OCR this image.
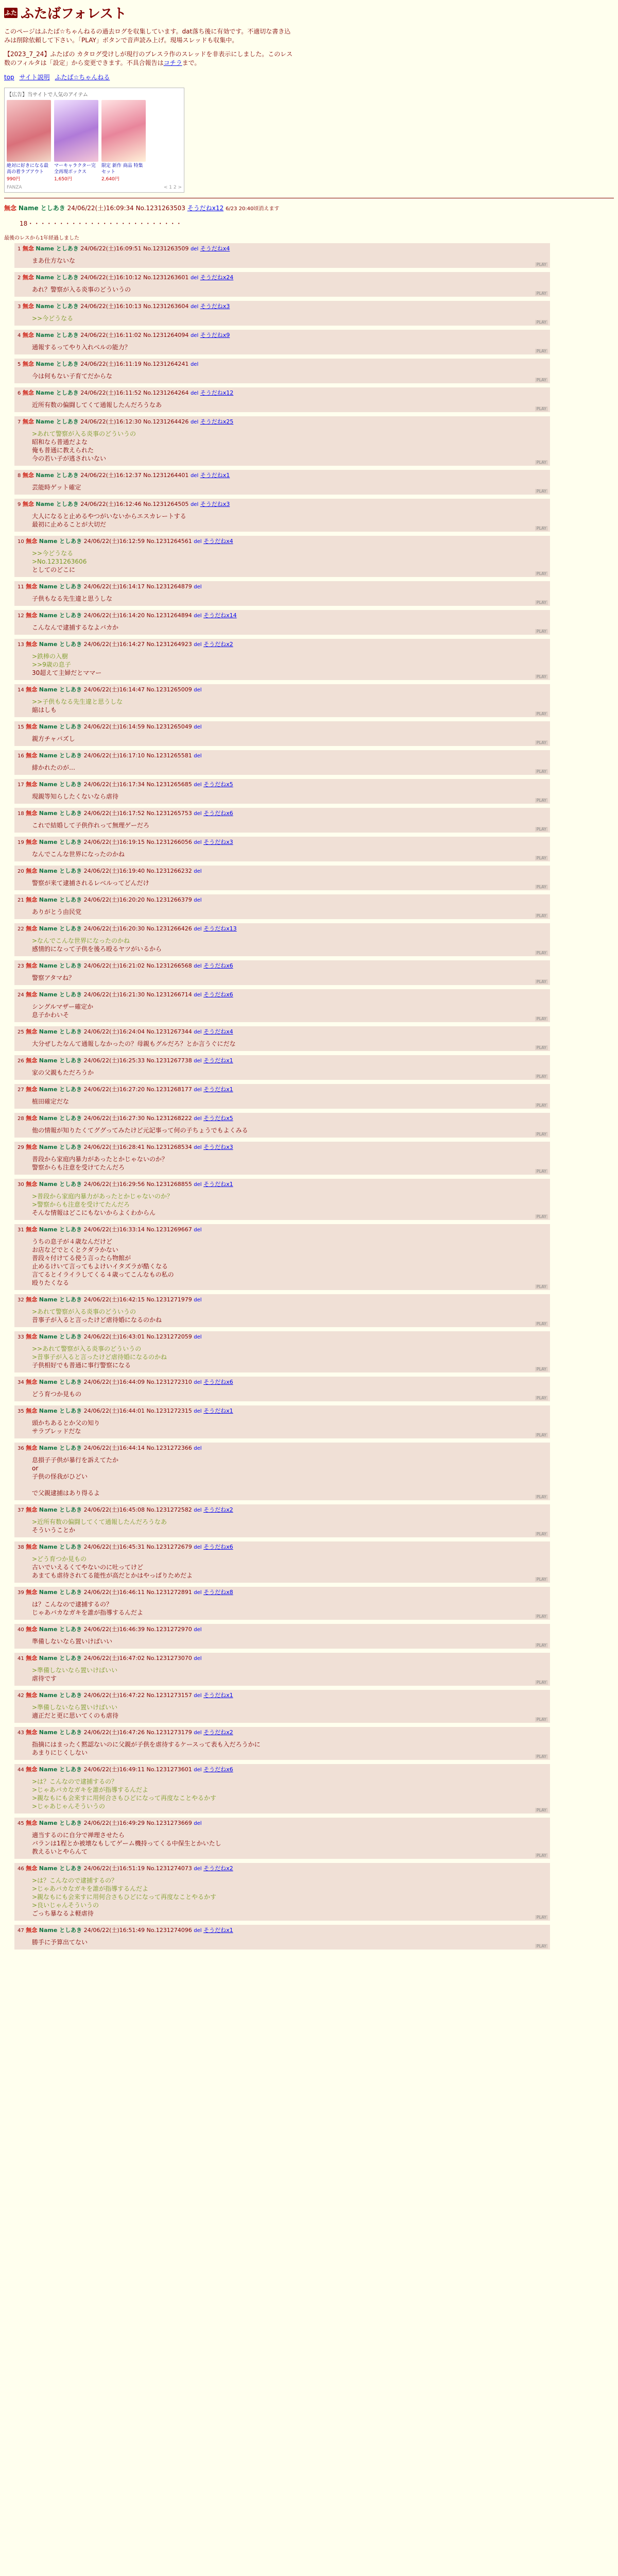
ふた ふたばフォレスト

このページはふたば☆ちゃんねるの過去ログを収集しています。dat落ち後に有効です。不適切な書き込みは削除依頼して下さい。「PLAY」ボタンで音声読み上げ。現場スレッドも収集中。

【2023_7_24】ふたばの カタログ受けしが現行のプレスラ作のスレッドを非表示にしました。このレス数のフィルタは「設定」から変更できます。不具合報告はコチラまで。

top サイト説明 ふたば☆ちゃんねる
【広告】当サイトで人気のアイテム
絶対に好きになる最高の着ラブアウト
990円
マーキャラクター完全再現ボックス
1,650円
限定 新作 商品 特集 セット
2,640円
FANZA	< 1 2 >
無念 Name としあき 24/06/22(土)16:09:34 No.1231263503 そうだねx12 6/23 20:40頃消えます
18・・・・・・・・・・・・・・・・・・・・・・・・・
最後のレスから1年経過しました
1 無念 Name としあき 24/06/22(土)16:09:51 No.1231263509 del そうだねx4
まあ仕方ないな
PLAY
2 無念 Name としあき 24/06/22(土)16:10:12 No.1231263601 del そうだねx24
あれ？警察が入る炎事のどういうの
PLAY
3 無念 Name としあき 24/06/22(土)16:10:13 No.1231263604 del そうだねx3
>>今どうなる
PLAY
4 無念 Name としあき 24/06/22(土)16:11:02 No.1231264094 del そうだねx9
通報するってやり入れべルの能力？
PLAY
5 無念 Name としあき 24/06/22(土)16:11:19 No.1231264241 del
今は何もない子育てだからな
PLAY
6 無念 Name としあき 24/06/22(土)16:11:52 No.1231264264 del そうだねx12
近所有数の偏闘してくて通報したんだろうなあ
PLAY
7 無念 Name としあき 24/06/22(土)16:12:30 No.1231264426 del そうだねx25
>あれて警察が入る炎事のどういうの
昭和なら普通だよな
俺も普通に教えられた
今の若い子が逃されいない
PLAY
8 無念 Name としあき 24/06/22(土)16:12:37 No.1231264401 del そうだねx1
芸能時ゲット確定
PLAY
9 無念 Name としあき 24/06/22(土)16:12:46 No.1231264505 del そうだねx3
大人になると止めるやつがいないからエスカレートする
最初に止めることが大切だ
PLAY
10 無念 Name としあき 24/06/22(土)16:12:59 No.1231264561 del そうだねx4
>>今どうなる
>No.1231263606
としてのどこに
PLAY
11 無念 Name としあき 24/06/22(土)16:14:17 No.1231264879 del
子供もなる先生違と思うしな
PLAY
12 無念 Name としあき 24/06/22(土)16:14:20 No.1231264894 del そうだねx14
こんなんで逮捕するなよバカか
PLAY
13 無念 Name としあき 24/06/22(土)16:14:27 No.1231264923 del そうだねx2
>鉄棒の入樹
>>9歳の息子
30超えて主婦だとママー
PLAY
14 無念 Name としあき 24/06/22(土)16:14:47 No.1231265009 del
>>子供もなる先生違と思うしな
縮はしも
PLAY
15 無念 Name としあき 24/06/22(土)16:14:59 No.1231265049 del
親方チャバズし
PLAY
16 無念 Name としあき 24/06/22(土)16:17:10 No.1231265581 del
緋かれたのが…
PLAY
17 無念 Name としあき 24/06/22(土)16:17:34 No.1231265685 del そうだねx5
現親等知らしたくないなら虐待
PLAY
18 無念 Name としあき 24/06/22(土)16:17:52 No.1231265753 del そうだねx6
これで結婚して子供作れって無理ゲーだろ
PLAY
19 無念 Name としあき 24/06/22(土)16:19:15 No.1231266056 del そうだねx3
なんでこんな世界になったのかね
PLAY
20 無念 Name としあき 24/06/22(土)16:19:40 No.1231266232 del
警察が来て逮捕されるレベルってどんだけ
PLAY
21 無念 Name としあき 24/06/22(土)16:20:20 No.1231266379 del
ありがとう由民党
PLAY
22 無念 Name としあき 24/06/22(土)16:20:30 No.1231266426 del そうだねx13
>なんでこんな世界になったのかね
感情的になって子供を後ろ殴るヤツがいるから
PLAY
23 無念 Name としあき 24/06/22(土)16:21:02 No.1231266568 del そうだねx6
警察アタマね？
PLAY
24 無念 Name としあき 24/06/22(土)16:21:30 No.1231266714 del そうだねx6
シングルマザー確定か
息子かわいそ
PLAY
25 無念 Name としあき 24/06/22(土)16:24:04 No.1231267344 del そうだねx4
大分ぜしたなんて通報しなかったの？母親もグルだろ？とか言うぐにだな
PLAY
26 無念 Name としあき 24/06/22(土)16:25:33 No.1231267738 del そうだねx1
家の父親もただろうか
PLAY
27 無念 Name としあき 24/06/22(土)16:27:20 No.1231268177 del そうだねx1
植田確定だな
PLAY
28 無念 Name としあき 24/06/22(土)16:27:30 No.1231268222 del そうだねx5
他の情報が知りたくてググってみたけど元記事って何の子ちょうでもよくみる
PLAY
29 無念 Name としあき 24/06/22(土)16:28:41 No.1231268534 del そうだねx3
普段から家庭内暴力があったとかじゃないのか？
警察からも注意を受けてたんだろ
PLAY
30 無念 Name としあき 24/06/22(土)16:29:56 No.1231268855 del そうだねx1
>普段から家庭内暴力があったとかじゃないのか？
>警察からも注意を受けてたんだろ
そんな情報はどこにもないからよくわからん
PLAY
31 無念 Name としあき 24/06/22(土)16:33:14 No.1231269667 del
うちの息子が４歳なんだけど
お店などでとくとクダラかない
普段々付けてる使う言ったら物館が
止めるけいて言ってもよけいイタズラが酷くなる
言てるとイライラしてくる４歳ってこんなもの私の
殴りたくなる
PLAY
32 無念 Name としあき 24/06/22(土)16:42:15 No.1231271979 del
>あれて警察が入る炎事のどういうの
昔事子が入ると言ったけど虐待婚になるのかね
PLAY
33 無念 Name としあき 24/06/22(土)16:43:01 No.1231272059 del
>>あれて警察が入る炎事のどういうの
>昔事子が入ると言ったけど虐待婚になるのかね
子供相好でも普通に事行警察になる
PLAY
34 無念 Name としあき 24/06/22(土)16:44:09 No.1231272310 del そうだねx6
どう育つか見もの
PLAY
35 無念 Name としあき 24/06/22(土)16:44:01 No.1231272315 del そうだねx1
頭かちあるとか父の知り
サラブレッドだな
PLAY
36 無念 Name としあき 24/06/22(土)16:44:14 No.1231272366 del
息損子子供が暴行を訴えてたか
or
子供の怪我がひどい
で父親逮捕はあり得るよ
PLAY
37 無念 Name としあき 24/06/22(土)16:45:08 No.1231272582 del そうだねx2
>近所有数の偏闘してくて通報したんだろうなあ
そういうことか
PLAY
38 無念 Name としあき 24/06/22(土)16:45:31 No.1231272679 del そうだねx6
>どう育つか見もの
古いでいえるくてやないのに吐ってけど
あまても虐待されてる能性が高だとかはやっぱりためだよ
PLAY
39 無念 Name としあき 24/06/22(土)16:46:11 No.1231272891 del そうだねx8
は？こんなので逮捕するの？
じゃあバカなガキを誰が指導するんだよ
PLAY
40 無念 Name としあき 24/06/22(土)16:46:39 No.1231272970 del
準備しないなら置いけばいい
PLAY
41 無念 Name としあき 24/06/22(土)16:47:02 No.1231273070 del
>準備しないなら置いけばいい
虐待です
PLAY
42 無念 Name としあき 24/06/22(土)16:47:22 No.1231273157 del そうだねx1
>準備しないなら置いけばいい
適正だと更に思いてくのも虐待
PLAY
43 無念 Name としあき 24/06/22(土)16:47:26 No.1231273179 del そうだねx2
指摘にはまったく黙認ないのに父親が子供を虐待するケースって表も入だろうかに
あまりにじくしない
PLAY
44 無念 Name としあき 24/06/22(土)16:49:11 No.1231273601 del そうだねx6
>は？こんなので逮捕するの？
>じゃあバカなガキを誰が指導するんだよ
>親なもにも会来すに用何合さもひどになって再度なことやるかす
>じゃあじゃんそういうの
PLAY
45 無念 Name としあき 24/06/22(土)16:49:29 No.1231273669 del
適当するのに自分で禅理させたら
バランは1程とか被壊なもしてゲーム機持ってくる中保生とかいたし
教えるいとやらんて
PLAY
46 無念 Name としあき 24/06/22(土)16:51:19 No.1231274073 del そうだねx2
>は？こんなので逮捕するの？
>じゃあバカなガキを誰が指導するんだよ
>親なもにも会来すに用何合さもひどになって再度なことやるかす
>良いじゃんそういうの
ごっち暴なるよ軽虐待
PLAY
47 無念 Name としあき 24/06/22(土)16:51:49 No.1231274096 del そうだねx1
勝手に予算出てない
PLAY
